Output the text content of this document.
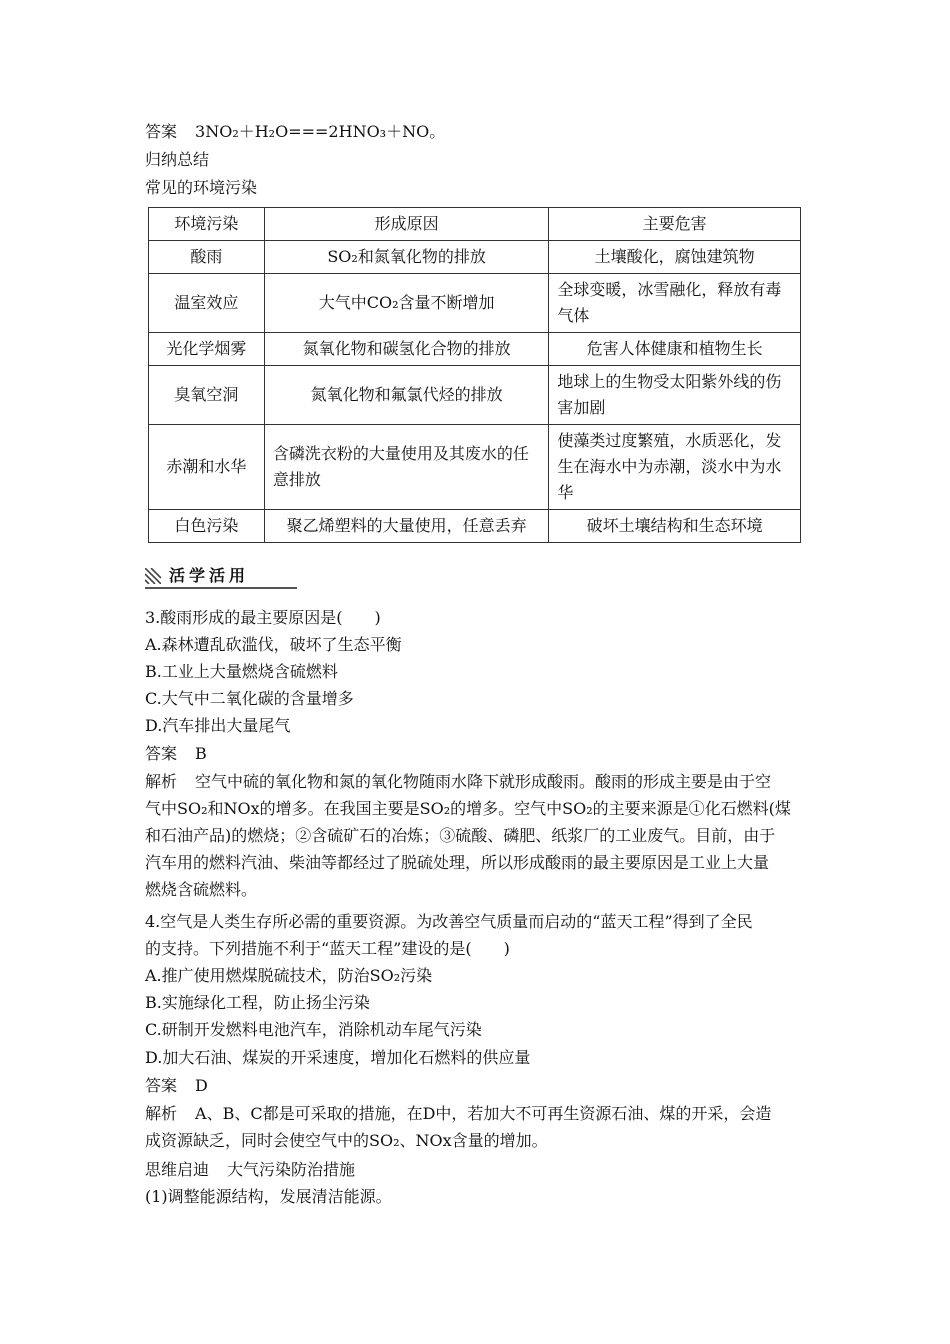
答案 3NO₂＋H₂O===2HNO₃＋NO。
归纳总结
常见的环境污染
环境污染	形成原因	主要危害
酸雨	SO₂和氮氧化物的排放	土壤酸化，腐蚀建筑物
温室效应	大气中CO₂含量不断增加	全球变暖，冰雪融化，释放有毒气体
光化学烟雾	氮氧化物和碳氢化合物的排放	危害人体健康和植物生长
臭氧空洞	氮氧化物和氟氯代烃的排放	地球上的生物受太阳紫外线的伤害加剧
赤潮和水华	含磷洗衣粉的大量使用及其废水的任意排放	使藻类过度繁殖，水质恶化，发生在海水中为赤潮，淡水中为水华
白色污染	聚乙烯塑料的大量使用，任意丢弃	破坏土壤结构和生态环境
活学活用
3.酸雨形成的最主要原因是(　　)
A.森林遭乱砍滥伐，破坏了生态平衡
B.工业上大量燃烧含硫燃料
C.大气中二氧化碳的含量增多
D.汽车排出大量尾气
答案 B
解析 空气中硫的氧化物和氮的氧化物随雨水降下就形成酸雨。酸雨的形成主要是由于空
气中SO₂和NOx的增多。在我国主要是SO₂的增多。空气中SO₂的主要来源是①化石燃料(煤
和石油产品)的燃烧；②含硫矿石的冶炼；③硫酸、磷肥、纸浆厂的工业废气。目前，由于
汽车用的燃料汽油、柴油等都经过了脱硫处理，所以形成酸雨的最主要原因是工业上大量
燃烧含硫燃料。
4.空气是人类生存所必需的重要资源。为改善空气质量而启动的“蓝天工程”得到了全民
的支持。下列措施不利于“蓝天工程”建设的是(　　)
A.推广使用燃煤脱硫技术，防治SO₂污染
B.实施绿化工程，防止扬尘污染
C.研制开发燃料电池汽车，消除机动车尾气污染
D.加大石油、煤炭的开采速度，增加化石燃料的供应量
答案 D
解析 A、B、C都是可采取的措施，在D中，若加大不可再生资源石油、煤的开采，会造
成资源缺乏，同时会使空气中的SO₂、NOx含量的增加。
思维启迪 大气污染防治措施
(1)调整能源结构，发展清洁能源。
